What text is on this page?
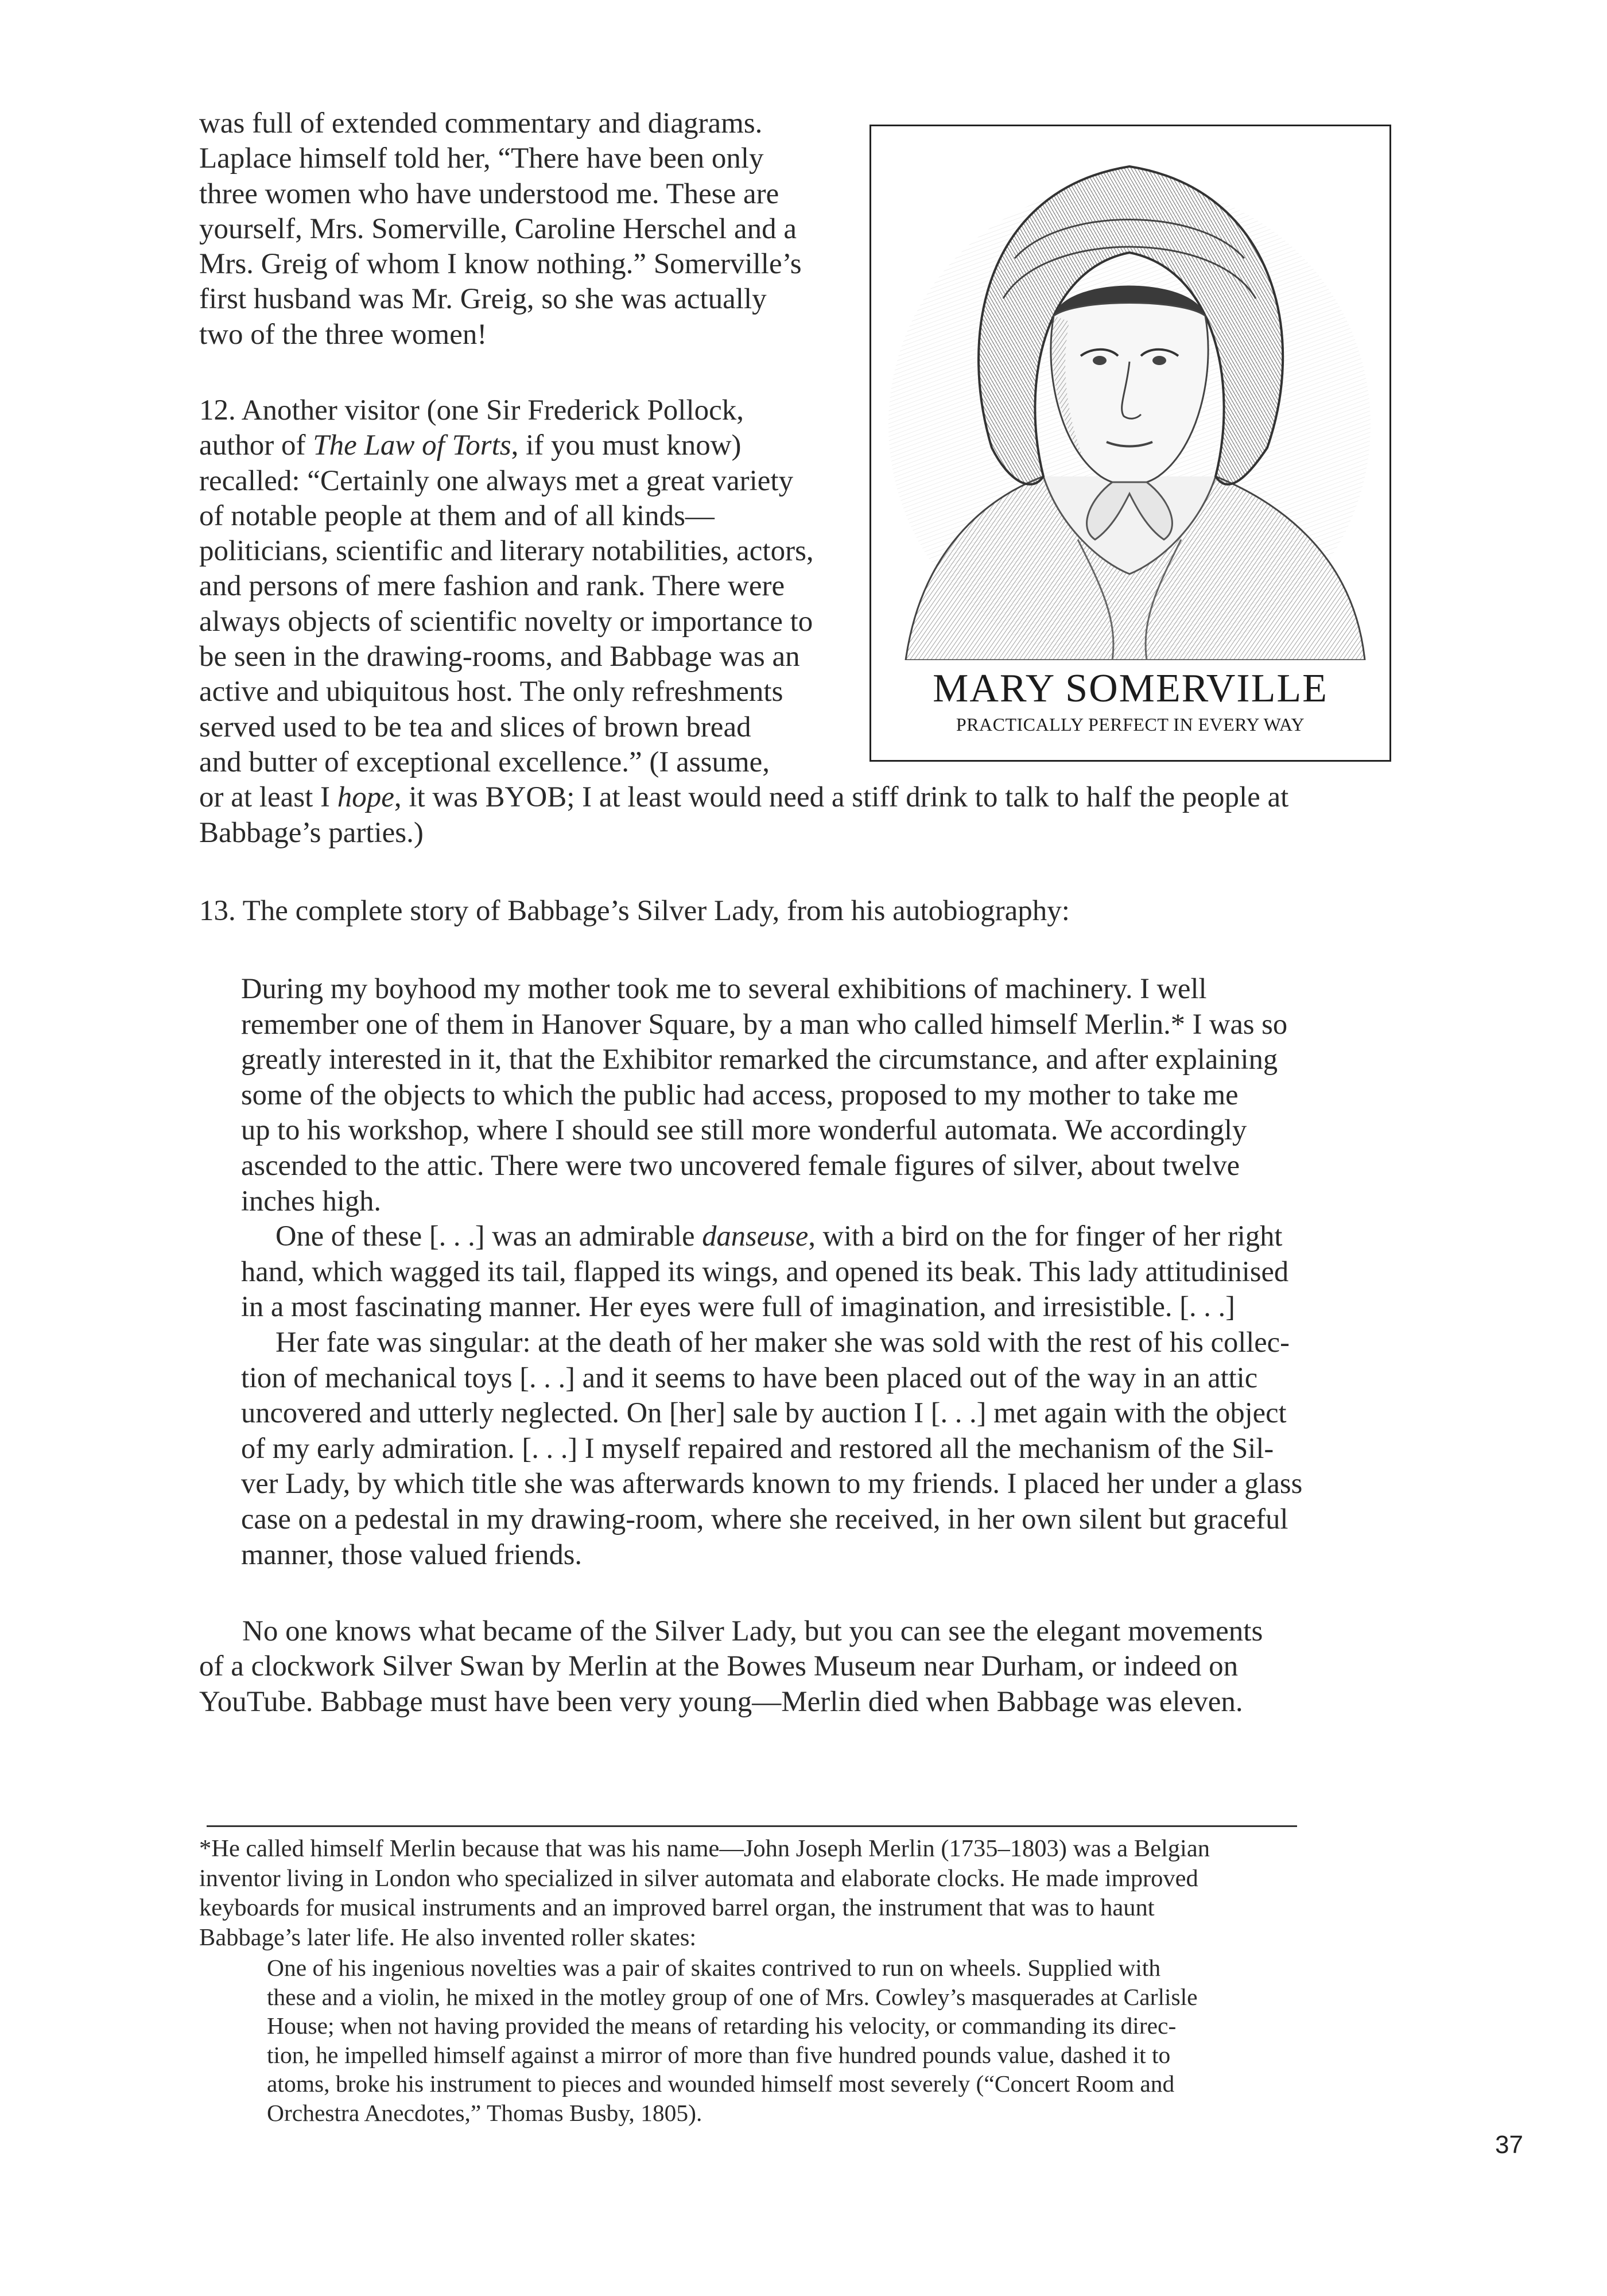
was full of extended commentary and diagrams.
Laplace himself told her, “There have been only
three women who have understood me. These are
yourself, Mrs. Somerville, Caroline Herschel and a
Mrs. Greig of whom I know nothing.” Somerville’s
first husband was Mr. Greig, so she was actually
two of the three women!
12. Another visitor (one Sir Frederick Pollock,
author of The Law of Torts, if you must know)
recalled: “Certainly one always met a great variety
of notable people at them and of all kinds—
politicians, scientific and literary notabilities, actors,
and persons of mere fashion and rank. There were
always objects of scientific novelty or importance to
be seen in the drawing-rooms, and Babbage was an
active and ubiquitous host. The only refreshments
served used to be tea and slices of brown bread
and butter of exceptional excellence.” (I assume,
or at least I hope, it was BYOB; I at least would need a stiff drink to talk to half the people at
Babbage’s parties.)
MARY SOMERVILLE
PRACTICALLY PERFECT IN EVERY WAY
13. The complete story of Babbage’s Silver Lady, from his autobiography:
During my boyhood my mother took me to several exhibitions of machinery. I well
remember one of them in Hanover Square, by a man who called himself Merlin.* I was so
greatly interested in it, that the Exhibitor remarked the circumstance, and after explaining
some of the objects to which the public had access, proposed to my mother to take me
up to his workshop, where I should see still more wonderful automata. We accordingly
ascended to the attic. There were two uncovered female figures of silver, about twelve
inches high.
One of these [. . .] was an admirable danseuse, with a bird on the for finger of her right
hand, which wagged its tail, flapped its wings, and opened its beak. This lady attitudinised
in a most fascinating manner. Her eyes were full of imagination, and irresistible. [. . .]
Her fate was singular: at the death of her maker she was sold with the rest of his collec-
tion of mechanical toys [. . .] and it seems to have been placed out of the way in an attic
uncovered and utterly neglected. On [her] sale by auction I [. . .] met again with the object
of my early admiration. [. . .] I myself repaired and restored all the mechanism of the Sil-
ver Lady, by which title she was afterwards known to my friends. I placed her under a glass
case on a pedestal in my drawing-room, where she received, in her own silent but graceful
manner, those valued friends.
No one knows what became of the Silver Lady, but you can see the elegant movements
of a clockwork Silver Swan by Merlin at the Bowes Museum near Durham, or indeed on
YouTube. Babbage must have been very young—Merlin died when Babbage was eleven.
*He called himself Merlin because that was his name—John Joseph Merlin (1735–1803) was a Belgian
inventor living in London who specialized in silver automata and elaborate clocks. He made improved
keyboards for musical instruments and an improved barrel organ, the instrument that was to haunt
Babbage’s later life. He also invented roller skates:
One of his ingenious novelties was a pair of skaites contrived to run on wheels. Supplied with
these and a violin, he mixed in the motley group of one of Mrs. Cowley’s masquerades at Carlisle
House; when not having provided the means of retarding his velocity, or commanding its direc-
tion, he impelled himself against a mirror of more than five hundred pounds value, dashed it to
atoms, broke his instrument to pieces and wounded himself most severely (“Concert Room and
Orchestra Anecdotes,” Thomas Busby, 1805).
37
